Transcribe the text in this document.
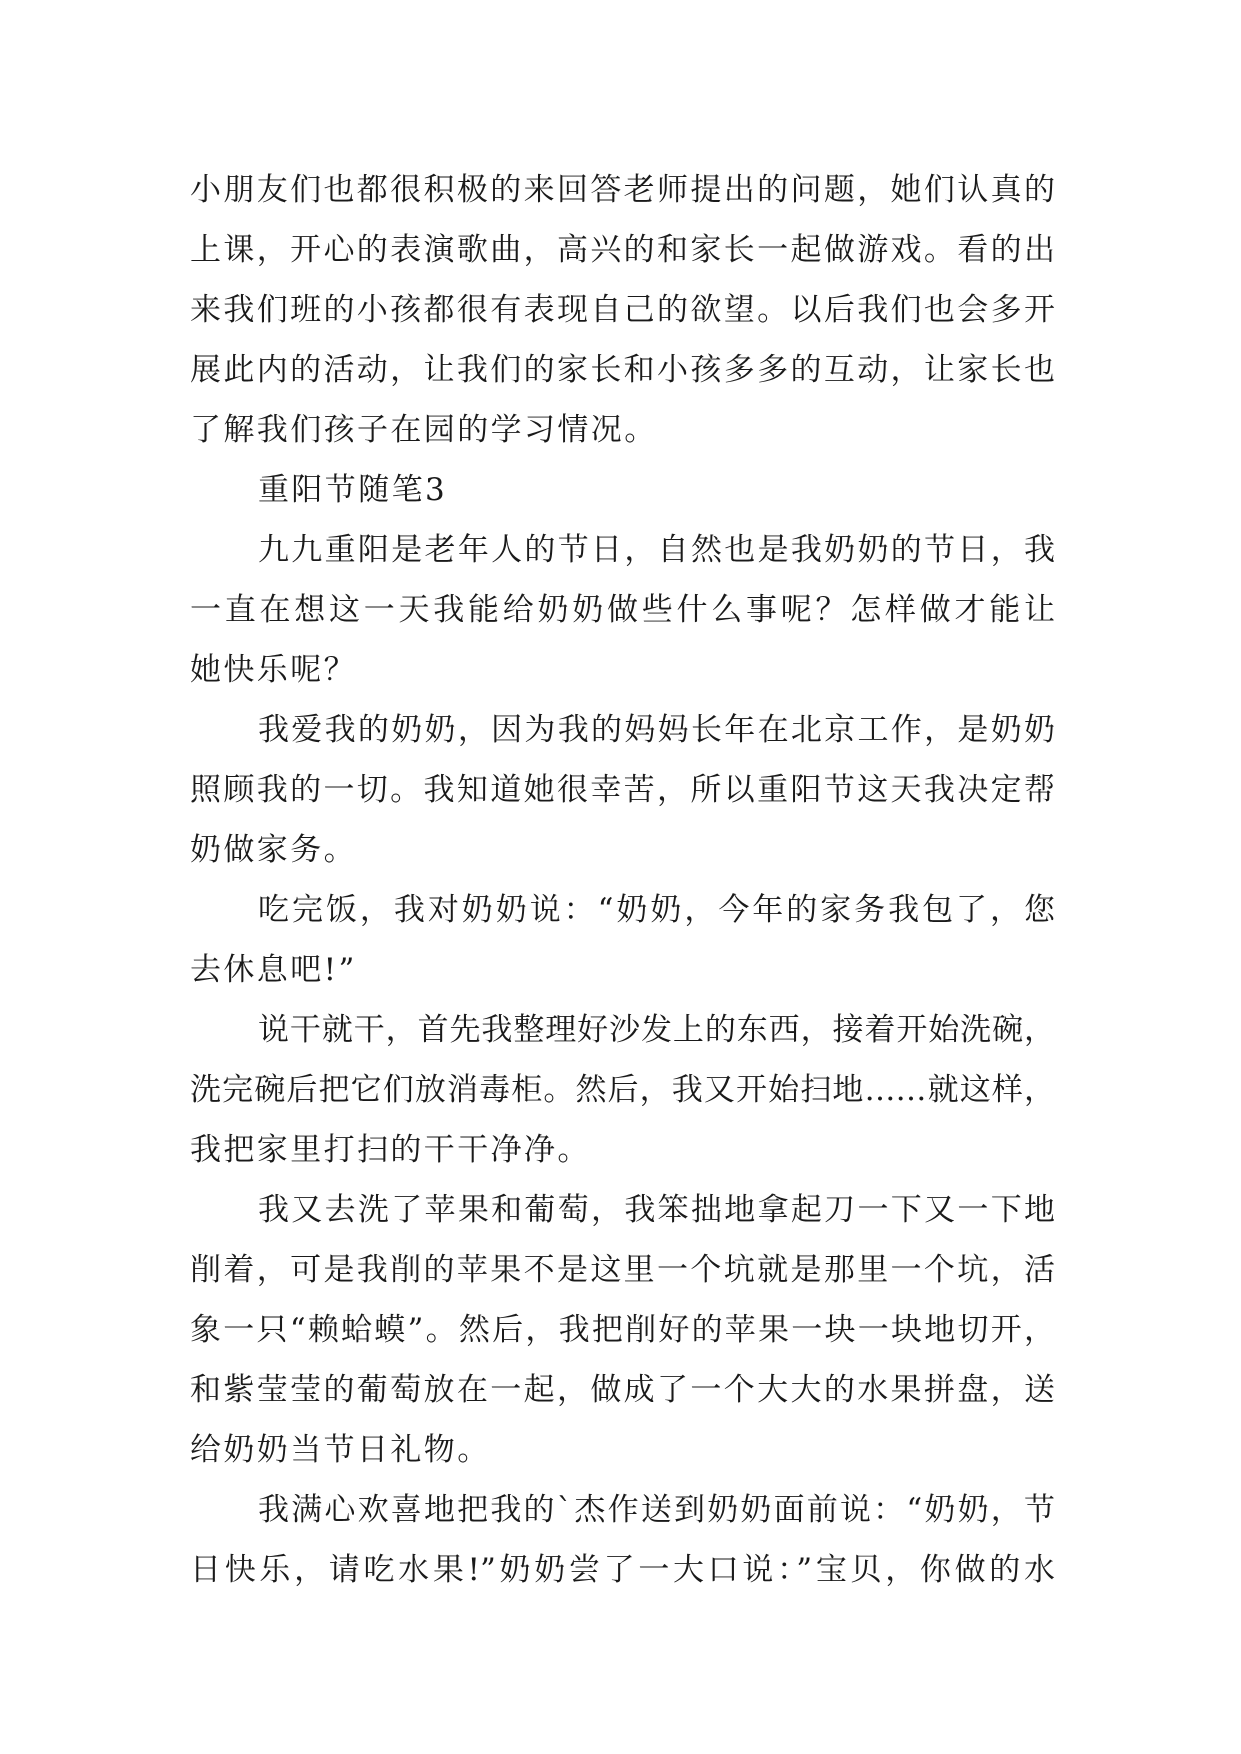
小朋友们也都很积极的来回答老师提出的问题，她们认真的
上课，开心的表演歌曲，高兴的和家长一起做游戏。看的出
来我们班的小孩都很有表现自己的欲望。以后我们也会多开
展此内的活动，让我们的家长和小孩多多的互动，让家长也
了解我们孩子在园的学习情况。
重阳节随笔3
九九重阳是老年人的节日，自然也是我奶奶的节日，我
一直在想这一天我能给奶奶做些什么事呢？怎样做才能让
她快乐呢？
我爱我的奶奶，因为我的妈妈长年在北京工作，是奶奶
照顾我的一切。我知道她很幸苦，所以重阳节这天我决定帮
奶做家务。
吃完饭，我对奶奶说：“奶奶，今年的家务我包了，您
去休息吧!”
说干就干，首先我整理好沙发上的东西，接着开始洗碗，
洗完碗后把它们放消毒柜。然后，我又开始扫地……就这样，
我把家里打扫的干干净净。
我又去洗了苹果和葡萄，我笨拙地拿起刀一下又一下地
削着，可是我削的苹果不是这里一个坑就是那里一个坑，活
象一只“赖蛤蟆”。然后，我把削好的苹果一块一块地切开，
和紫莹莹的葡萄放在一起，做成了一个大大的水果拼盘，送
给奶奶当节日礼物。
我满心欢喜地把我的`杰作送到奶奶面前说：“奶奶，节
日快乐，请吃水果!”奶奶尝了一大口说：”宝贝，你做的水
